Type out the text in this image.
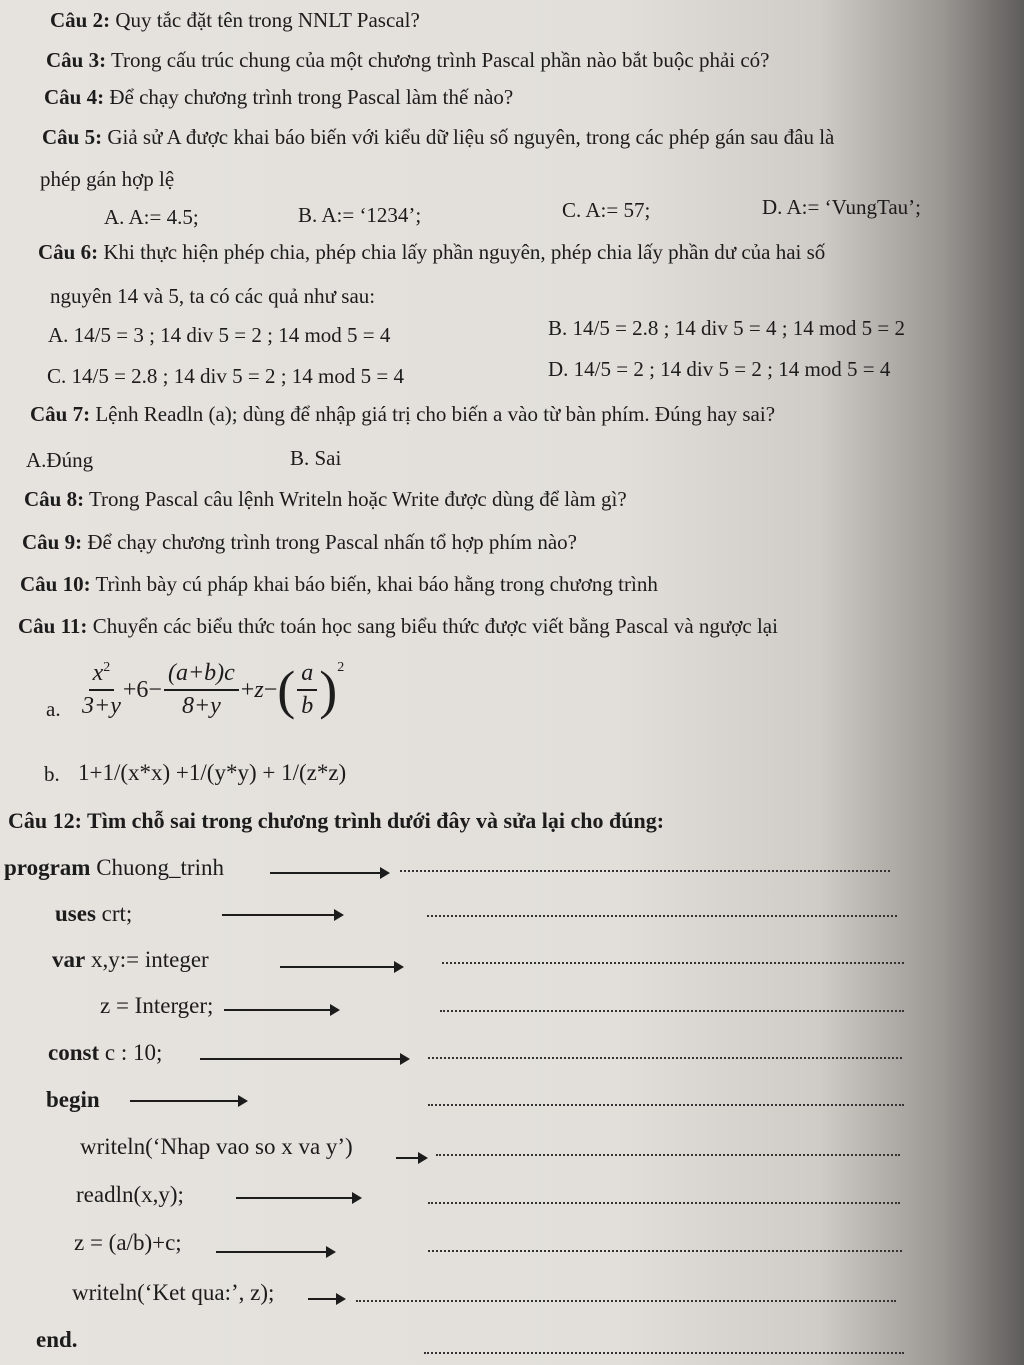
Câu 2: Quy tắc đặt tên trong NNLT Pascal?
Câu 3: Trong cấu trúc chung của một chương trình Pascal phần nào bắt buộc phải có?
Câu 4: Để chạy chương trình trong Pascal làm thế nào?
Câu 5: Giả sử A được khai báo biến với kiểu dữ liệu số nguyên, trong các phép gán sau đâu là
phép gán hợp lệ
A. A:= 4.5;	B. A:= ‘1234’;	C. A:= 57;	D. A:= ‘VungTau’;
Câu 6: Khi thực hiện phép chia, phép chia lấy phần nguyên, phép chia lấy phần dư của hai số
nguyên 14 và 5, ta có các quả như sau:
A. 14/5 = 3 ; 14 div 5 = 2 ; 14 mod 5 = 4	B. 14/5 = 2.8 ; 14 div 5 = 4 ; 14 mod 5 = 2
C. 14/5 = 2.8 ; 14 div 5 = 2 ; 14 mod 5 = 4	D. 14/5 = 2 ; 14 div 5 = 2 ; 14 mod 5 = 4
Câu 7: Lệnh Readln (a); dùng để nhập giá trị cho biến a vào từ bàn phím. Đúng hay sai?
A.Đúng	B. Sai
Câu 8: Trong Pascal câu lệnh Writeln hoặc Write được dùng để làm gì?
Câu 9: Để chạy chương trình trong Pascal nhấn tổ hợp phím nào?
Câu 10: Trình bày cú pháp khai báo biến, khai báo hằng trong chương trình
Câu 11: Chuyển các biểu thức toán học sang biểu thức được viết bằng Pascal và ngược lại
a. $\frac{x^2}{3+y} +6- \frac{(a+b)c}{8+y} + z$ − ( $\frac{a}{b} )^2$
b. 1+1/(x*x) +1/(y*y) + 1/(z*z)
Câu 12: Tìm chỗ sai trong chương trình dưới đây và sửa lại cho đúng:
program Chuong_trinh
uses crt;
var x,y:= integer
z = Interger;
const c : 10;
begin
writeln(‘Nhap vao so x va y’)
readln(x,y);
z = (a/b)+c;
writeln(‘Ket qua:’, z);
end.
